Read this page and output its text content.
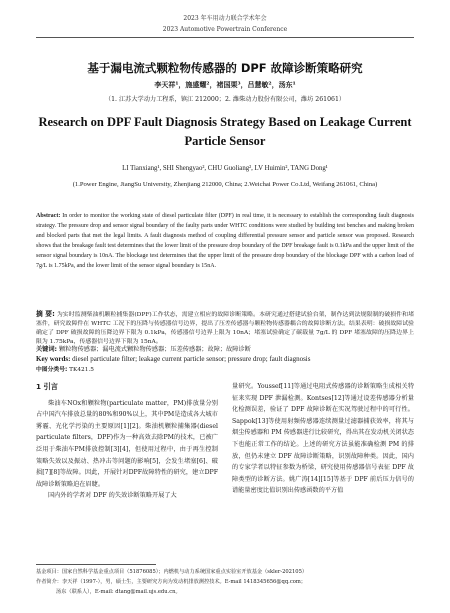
2023 年车用动力联合学术年会
2023 Automotive Powertrain Conference
基于漏电流式颗粒物传感器的 DPF 故障诊断策略研究
李天祥¹，施盛耀²，褚国栗³，吕慧敏²，汤东¹
（1. 江苏大学动力工程系，镇江 212000；2. 潍柴动力股份有限公司，潍坊 261061）
Research on DPF Fault Diagnosis Strategy Based on Leakage Current Particle Sensor
LI Tianxiang¹, SHI Shengyao², CHU Guoliang², LV Huimin², TANG Dong¹
(1.Power Engine, JiangSu University, Zhenjiang 212000, China; 2.Weichai Power Co.Ltd, Weifang 261061, China)
Abstract: In order to monitor the working state of diesel particulate filter (DPF) in real time, it is necessary to establish the corresponding fault diagnosis strategy. The pressure drop and sensor signal boundary of the faulty parts under WHTC conditions were studied by building test benches and making broken and blocked parts that met the legal limits. A fault diagnosis method of coupling differential pressure sensor and particle sensor was proposed. Research shows that the breakage fault test determines that the lower limit of the pressure drop boundary of the DPF breakage fault is 0.1kPa and the upper limit of the sensor signal boundary is 10nA. The blockage test determines that the upper limit of the pressure drop boundary of the blockage DPF with a carbon load of 7g/L is 1.75kPa, and the lower limit of the sensor signal boundary is 15nA.
摘 要: 为实时监测柴油机颗粒捕集器(DPF)工作状态，需建立相应的故障诊断策略。本研究通过搭建试验台架，制作达到法规限制的破损件和堵塞件，研究故障件在 WHTC 工况下的压降与传感器信号边界，提出了压差传感器与颗粒物传感器耦合的故障诊断方法。结果表明：破损故障试验确定了 DPF 破损故障的压降边界下限为 0.1kPa，传感器信号边界上限为 10nA；堵塞试验确定了碳载量 7g/L 的 DPF 堵塞故障的压降边界上限为 1.75kPa，传感器信号边界下限为 15nA。
关键词: 颗粒物传感器；漏电流式颗粒物传感器；压差传感器；故障；故障诊断
Key words: diesel particulate filter; leakage current particle sensor; pressure drop; fault diagnosis
中图分类号: TK421.5
1 引言

柴油车NOx和颗粒物(particulate matter，PM)排放量分别占中国汽车排放总量的80%和90%以上，其中PM是造成各大城市雾霾、光化学污染的主要原因[1][2]。柴油机颗粒捕集器(diesel particulate filters，DPF)作为一种高效去除PM的技术，已被广泛用于柴油车PM排放控制[3][4]，但使用过程中，由于再生控制策略失效以及振动、热冲击等问题的影响[5]，会发生堵塞[6]、破损[7][8]等故障。因此，开展针对DPF故障特性的研究，建立DPF故障诊断策略迫在眉睫。

国内外的学者对 DPF 的失效诊断策略开展了大

量研究。Youssef[11]等通过电阻式传感器的诊断策略生成相关特征来实现 DPF 泄漏检测。Kontses[12]等通过设差传感器分析量化检测误差，验证了 DPF 故障诊断在实况驾驶过程中的可行性。Sappok[13]等使用射频传感器连续测量过滤器捕获效率，将其与烟尘传感器和 PM 传感器进行比较研究，得出其在发动机关闭状态下也能正常工作的结论。上述的研究方法虽能准确检测 PM 的排放，但仍未建立 DPF 故障诊断策略，识别故障种类。因此，国内的专家学者以特征参数为桥梁，研究使用传感器信号表征 DPF 故障类型的诊断方法。姚广涛[14][15]等基于 DPF 前后压力信号的谱能量密度比值识别出传感函数的平方值

基金项目：国家自然科学基金重点项目（51876085）；内燃机与动力系统国家重点实验室开放基金（skler-202105）
作者简介：李天祥（1997-），男，硕士生，主要研究方向为发动机排放测控技术。E-mail 1418345656@qq.com；
汤东（联系人），E-mail: dtang@mail.ujs.edu.cn。
